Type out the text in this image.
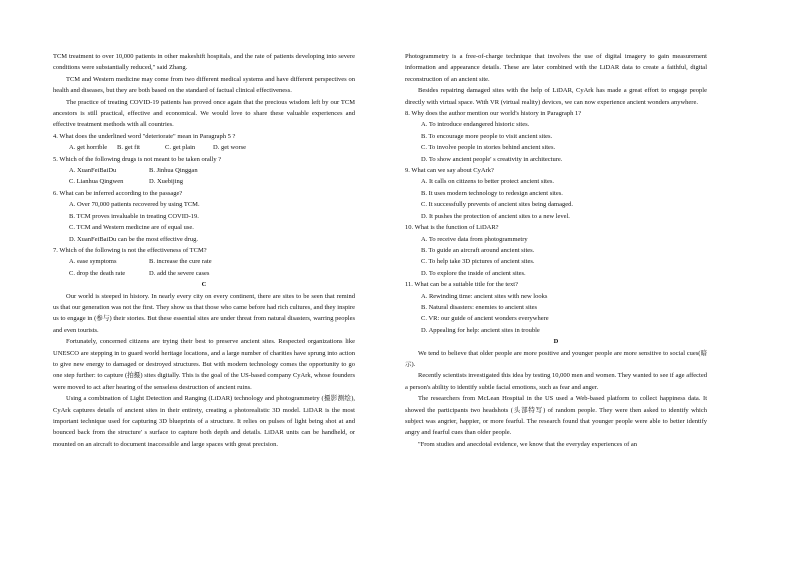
TCM treatment to over 10,000 patients in other makeshift hospitals, and the rate of patients developing into severe conditions were substantially reduced," said Zhang.

TCM and Western medicine may come from two different medical systems and have different perspectives on health and diseases, but they are both based on the standard of factual clinical effectiveness.

The practice of treating COVID-19 patients has proved once again that the precious wisdom left by our TCM ancestors is still practical, effective and economical. We would love to share these valuable experiences and effective treatment methods with all countries.

4. What does the underlined word "deteriorate" mean in Paragraph 5 ?

A. get horrible	B. get fit	C. get plain	D. get worse

5. Which of the following drugs is not meant to be taken orally ?

A. XuanFeiBaiDu	B. Jinhua Qinggan
C. Lianhua Qingwen	D. Xuebijing

6. What can be inferred according to the passage?

A. Over 70,000 patients recovered by using TCM.

B. TCM proves invaluable in treating COVID-19.

C. TCM and Western medicine are of equal use.

D. XuanFeiBaiDu can be the most effective drug.

7. Which of the following is not the effectiveness of TCM?

A. ease symptoms	B. increase the cure rate
C. drop the death rate	D. add the severe cases

C

Our world is steeped in history. In nearly every city on every continent, there are sites to be seen that remind us that our generation was not the first. They show us that those who came before had rich cultures, and they inspire us to engage in (参与) their stories. But these essential sites are under threat from natural disasters, warring peoples and even tourists.

Fortunately, concerned citizens are trying their best to preserve ancient sites. Respected organizations like UNESCO are stepping in to guard world heritage locations, and a large number of charities have sprung into action to give new energy to damaged or destroyed structures. But with modern technology comes the opportunity to go one step further: to capture (拍摄) sites digitally. This is the goal of the US-based company CyArk, whose founders were moved to act after hearing of the senseless destruction of ancient ruins.

Using a combination of Light Detection and Ranging (LiDAR) technology and photogrammetry (摄影测绘), CyArk captures details of ancient sites in their entirety, creating a photorealistic 3D model. LiDAR is the most important technique used for capturing 3D blueprints of a structure. It relies on pulses of light being shot at and bounced back from the structure' s surface to capture both depth and details. LiDAR units can be handheld, or mounted on an aircraft to document inaccessible and large spaces with great precision.

Photogrammetry is a free-of-charge technique that involves the use of digital imagery to gain measurement information and appearance details. These are later combined with the LiDAR data to create a faithful, digital reconstruction of an ancient site.

Besides repairing damaged sites with the help of LiDAR, CyArk has made a great effort to engage people directly with virtual space. With VR (virtual reality) devices, we can now experience ancient wonders anywhere.

8. Why does the author mention our world's history in Paragraph 1?

A. To introduce endangered historic sites.

B. To encourage more people to visit ancient sites.

C. To involve people in stories behind ancient sites.

D. To show ancient people' s creativity in architecture.

9. What can we say about CyArk?

A. It calls on citizens to better protect ancient sites.

B. It uses modern technology to redesign ancient sites.

C. It successfully prevents of ancient sites being damaged.

D. It pushes the protection of ancient sites to a new level.

10. What is the function of LiDAR?

A. To receive data from photogrammetry

B. To guide an aircraft around ancient sites.

C. To help take 3D pictures of ancient sites.

D. To explore the inside of ancient sites.

11. What can be a suitable title for the text?

A. Rewinding time: ancient sites with new looks

B. Natural disasters: enemies to ancient sites

C. VR: our guide of ancient wonders everywhere

D. Appealing for help: ancient sites in trouble

D

We tend to believe that older people are more positive and younger people are more sensitive to social cues(暗示).

Recently scientists investigated this idea by testing 10,000 men and women. They wanted to see if age affected a person's ability to identify subtle facial emotions, such as fear and anger.

The researchers from McLean Hospital in the US used a Web-based platform to collect happiness data. It showed the participants two headshots (头部特写) of random people. They were then asked to identify which subject was angrier, happier, or more fearful. The research found that younger people were able to better identify angry and fearful cues than older people.

"From studies and anecdotal evidence, we know that the everyday experiences of an
